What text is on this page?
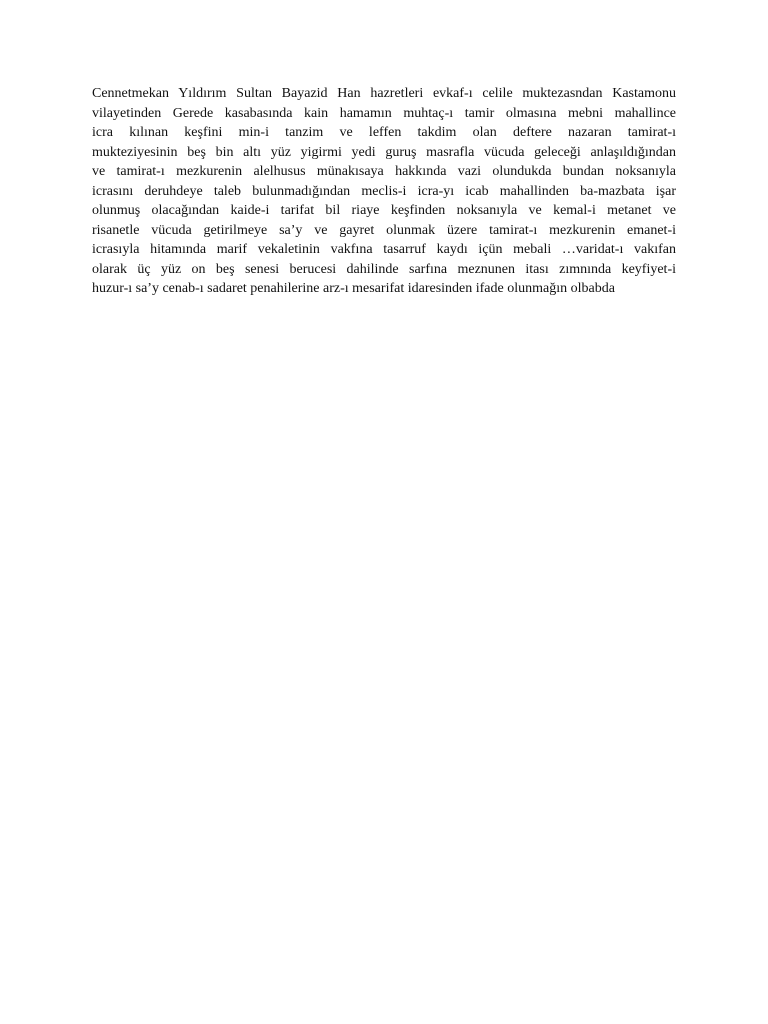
Cennetmekan Yıldırım Sultan Bayazid Han hazretleri evkaf-ı celile muktezasndan Kastamonu
vilayetinden Gerede kasabasında kain hamamın muhtaç-ı tamir olmasına mebni mahallince
icra kılınan keşfini min-i tanzim ve leffen takdim olan deftere nazaran tamirat-ı
mukteziyesinin beş bin altı yüz yigirmi yedi guruş masrafla vücuda geleceği anlaşıldığından
ve tamirat-ı mezkurenin alelhusus münakısaya hakkında vazi olundukda bundan noksanıyla
icrasını deruhdeye taleb bulunmadığından meclis-i icra-yı icab mahallinden ba-mazbata işar
olunmuş olacağından kaide-i tarifat bil riaye keşfinden noksanıyla ve kemal-i metanet ve
risanetle vücuda getirilmeye sa’y ve gayret olunmak üzere tamirat-ı mezkurenin emanet-i
icrasıyla hitamında marif vekaletinin vakfına tasarruf kaydı içün mebali …varidat-ı vakıfan
olarak üç yüz on beş senesi berucesi dahilinde sarfına meznunen itası zımnında keyfiyet-i
huzur-ı sa’y cenab-ı sadaret penahilerine arz-ı mesarifat idaresinden ifade olunmağın olbabda
